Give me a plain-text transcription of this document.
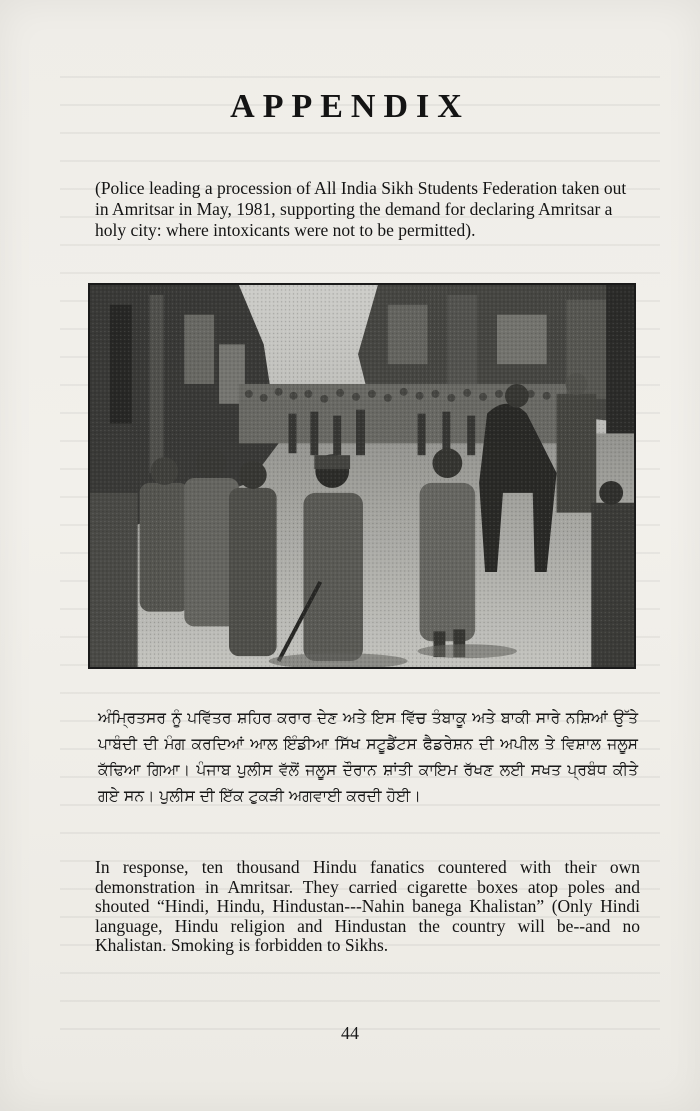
APPENDIX
(Police leading a procession of All India Sikh Students Federation taken out in Amritsar in May, 1981, supporting the demand for declaring Amritsar a holy city: where intoxicants were not to be permitted).
ਅੰਮ੍ਰਿਤਸਰ ਨੂੰ ਪਵਿੱਤਰ ਸ਼ਹਿਰ ਕਰਾਰ ਦੇਣ ਅਤੇ ਇਸ ਵਿੱਚ ਤੰਬਾਕੂ ਅਤੇ ਬਾਕੀ ਸਾਰੇ ਨਸ਼ਿਆਂ ਉੱਤੇ ਪਾਬੰਦੀ ਦੀ ਮੰਗ ਕਰਦਿਆਂ ਆਲ ਇੰਡੀਆ ਸਿੱਖ ਸਟੂਡੈਂਟਸ ਫੈਡਰੇਸ਼ਨ ਦੀ ਅਪੀਲ ਤੇ ਵਿਸ਼ਾਲ ਜਲੂਸ ਕੱਢਿਆ ਗਿਆ। ਪੰਜਾਬ ਪੁਲੀਸ ਵੱਲੋਂ ਜਲੂਸ ਦੌਰਾਨ ਸ਼ਾਂਤੀ ਕਾਇਮ ਰੱਖਣ ਲਈ ਸਖਤ ਪ੍ਰਬੰਧ ਕੀਤੇ ਗਏ ਸਨ। ਪੁਲੀਸ ਦੀ ਇੱਕ ਟੁਕੜੀ ਅਗਵਾਈ ਕਰਦੀ ਹੋਈ।
In response, ten thousand Hindu fanatics countered with their own demonstration in Amritsar. They carried cigarette boxes atop poles and shouted “Hindi, Hindu, Hindustan---Nahin banega Khalistan” (Only Hindi language, Hindu religion and Hindustan the country will be--and no Khalistan. Smoking is forbidden to Sikhs.
44
